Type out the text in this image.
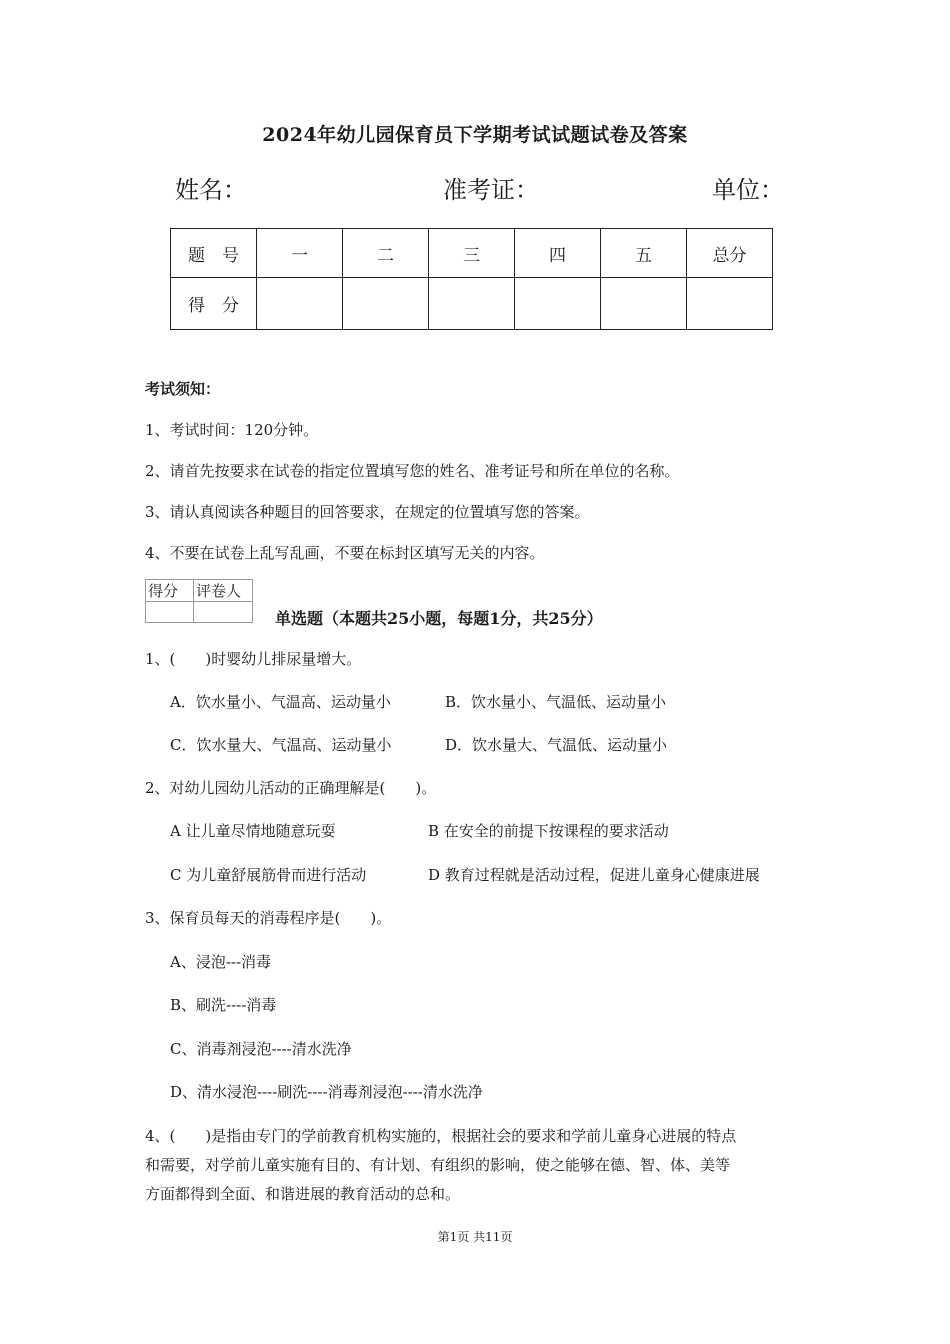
2024年幼儿园保育员下学期考试试题试卷及答案
姓名：	准考证：	单位：
题　号	一	二	三	四	五	总分
得　分						
考试须知：
1、考试时间：120分钟。
2、请首先按要求在试卷的指定位置填写您的姓名、准考证号和所在单位的名称。
3、请认真阅读各种题目的回答要求，在规定的位置填写您的答案。
4、不要在试卷上乱写乱画，不要在标封区填写无关的内容。
得分	评卷人

单选题（本题共25小题，每题1分，共25分）
1、(　　)时婴幼儿排尿量增大。
A．饮水量小、气温高、运动量小	B．饮水量小、气温低、运动量小
C．饮水量大、气温高、运动量小	D．饮水量大、气温低、运动量小
2、对幼儿园幼儿活动的正确理解是(　　)。
A 让儿童尽情地随意玩耍	B 在安全的前提下按课程的要求活动
C 为儿童舒展筋骨而进行活动	D 教育过程就是活动过程，促进儿童身心健康进展
3、保育员每天的消毒程序是(　　)。
A、浸泡---消毒
B、刷洗----消毒
C、消毒剂浸泡----清水洗净
D、清水浸泡----刷洗----消毒剂浸泡----清水洗净
4、(　　)是指由专门的学前教育机构实施的，根据社会的要求和学前儿童身心进展的特点
和需要，对学前儿童实施有目的、有计划、有组织的影响，使之能够在德、智、体、美等
方面都得到全面、和谐进展的教育活动的总和。
第1页 共11页
